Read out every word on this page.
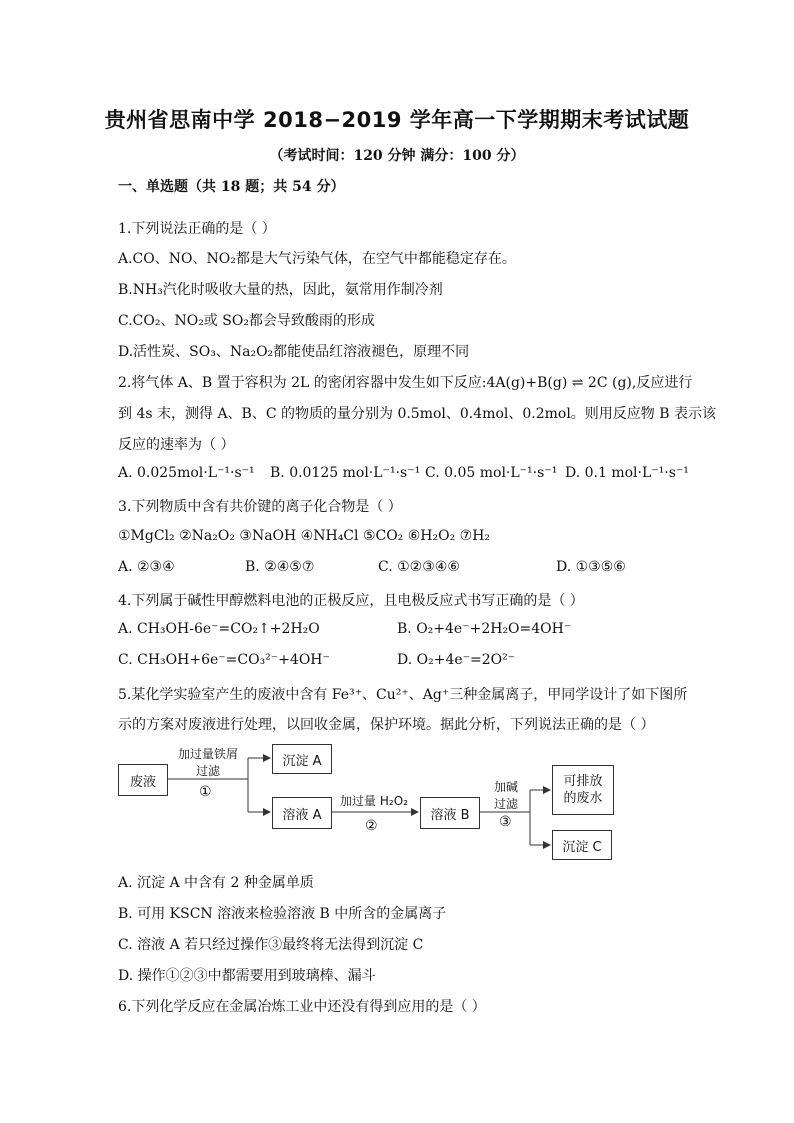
贵州省思南中学 2018−2019 学年高一下学期期末考试试题
（考试时间：120 分钟 满分：100 分）
一、单选题（共 18 题；共 54 分）
1.下列说法正确的是（ ）
A.CO、NO、NO₂都是大气污染气体，在空气中都能稳定存在。
B.NH₃汽化时吸收大量的热，因此，氨常用作制冷剂
C.CO₂、NO₂或 SO₂都会导致酸雨的形成
D.活性炭、SO₃、Na₂O₂都能使品红溶液褪色，原理不同
2.将气体 A、B 置于容积为 2L 的密闭容器中发生如下反应:4A(g)+B(g) ⇌ 2C (g),反应进行
到 4s 末，测得 A、B、C 的物质的量分别为 0.5mol、0.4mol、0.2mol。则用反应物 B 表示该
反应的速率为（ ）
A. 0.025mol·L⁻¹·s⁻¹ B. 0.0125 mol·L⁻¹·s⁻¹ C. 0.05 mol·L⁻¹·s⁻¹ D. 0.1 mol·L⁻¹·s⁻¹
3.下列物质中含有共价键的离子化合物是（ ）
①MgCl₂ ②Na₂O₂ ③NaOH ④NH₄Cl ⑤CO₂ ⑥H₂O₂ ⑦H₂
A. ②③④	B. ②④⑤⑦	C. ①②③④⑥	D. ①③⑤⑥
4.下列属于碱性甲醇燃料电池的正极反应，且电极反应式书写正确的是（ ）
A. CH₃OH-6e⁻=CO₂↑+2H₂O	B. O₂+4e⁻+2H₂O=4OH⁻
C. CH₃OH+6e⁻=CO₃²⁻+4OH⁻	D. O₂+4e⁻=2O²⁻
5.某化学实验室产生的废液中含有 Fe³⁺、Cu²⁺、Ag⁺三种金属离子，甲同学设计了如下图所
示的方案对废液进行处理，以回收金属，保护环境。据此分析，下列说法正确的是（ ）
废液
沉淀 A
溶液 A	溶液 B
可排放
的废水
沉淀 C
加过量铁屑
过滤
①
加过量 H₂O₂
②
加碱
过滤
③
A. 沉淀 A 中含有 2 种金属单质
B. 可用 KSCN 溶液来检验溶液 B 中所含的金属离子
C. 溶液 A 若只经过操作③最终将无法得到沉淀 C
D. 操作①②③中都需要用到玻璃棒、漏斗
6.下列化学反应在金属冶炼工业中还没有得到应用的是（ ）
